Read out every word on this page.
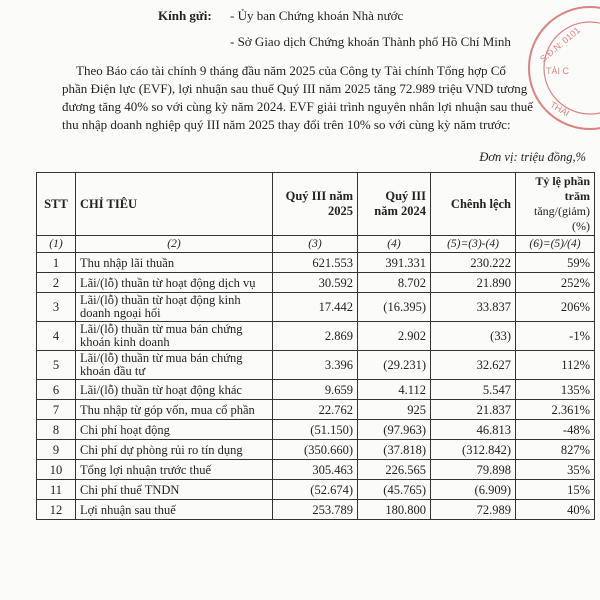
Kính gửi: - Ủy ban Chứng khoán Nhà nước
- Sở Giao dịch Chứng khoán Thành phố Hồ Chí Minh	S.Đ.N: 0101
TÀI C
THẢI

Theo Báo cáo tài chính 9 tháng đầu năm 2025 của Công ty Tài chính Tổng hợp Cổ

phần Điện lực (EVF), lợi nhuận sau thuế Quý III năm 2025 tăng 72.989 triệu VND tương

đương tăng 40% so với cùng kỳ năm 2024. EVF giải trình nguyên nhân lợi nhuận sau thuế

thu nhập doanh nghiệp quý III năm 2025 thay đổi trên 10% so với cùng kỳ năm trước:

Đơn vị: triệu đồng,%
STT	CHỈ TIÊU	Quý III năm 2025	Quý III năm 2024	Chênh lệch	Tỷ lệ phần trăm
tăng/(giảm) (%)
(1)	(2)	(3)	(4)	(5)=(3)-(4)	(6)=(5)/(4)
1	Thu nhập lãi thuần	621.553	391.331	230.222	59%
2	Lãi/(lỗ) thuần từ hoạt động dịch vụ	30.592	8.702	21.890	252%
3	Lãi/(lỗ) thuần từ hoạt động kinh doanh ngoại hối	17.442	(16.395)	33.837	206%
4	Lãi/(lỗ) thuần từ mua bán chứng khoán kinh doanh	2.869	2.902	(33)	-1%
5	Lãi/(lỗ) thuần từ mua bán chứng khoán đầu tư	3.396	(29.231)	32.627	112%
6	Lãi/(lỗ) thuần từ hoạt động khác	9.659	4.112	5.547	135%
7	Thu nhập từ góp vốn, mua cổ phần	22.762	925	21.837	2.361%
8	Chi phí hoạt động	(51.150)	(97.963)	46.813	-48%
9	Chi phí dự phòng rủi ro tín dụng	(350.660)	(37.818)	(312.842)	827%
10	Tổng lợi nhuận trước thuế	305.463	226.565	79.898	35%
11	Chi phí thuế TNDN	(52.674)	(45.765)	(6.909)	15%
12	Lợi nhuận sau thuế	253.789	180.800	72.989	40%
